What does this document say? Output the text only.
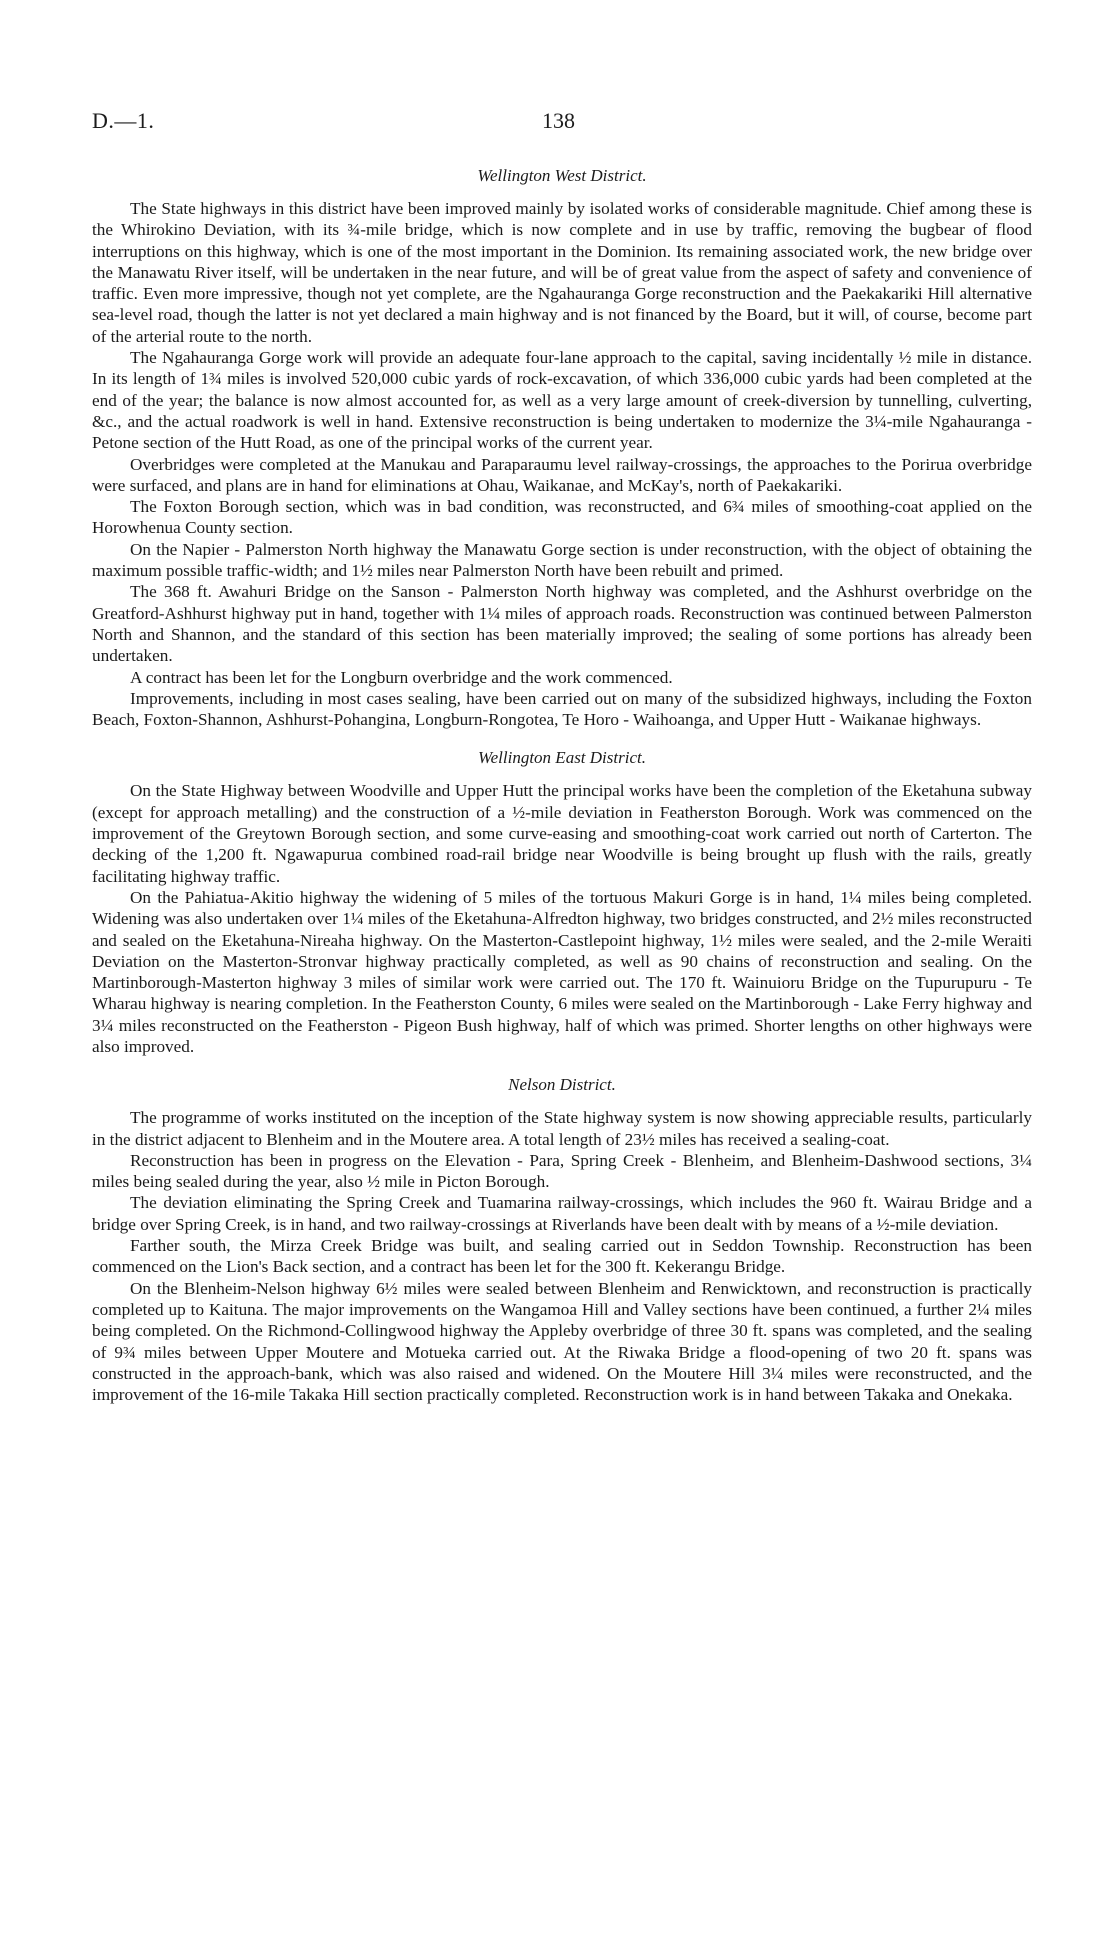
D.—1.	138
Wellington West District.

The State highways in this district have been improved mainly by isolated works of considerable magnitude. Chief among these is the Whirokino Deviation, with its ¾-mile bridge, which is now complete and in use by traffic, removing the bugbear of flood interruptions on this highway, which is one of the most important in the Dominion. Its remaining associated work, the new bridge over the Manawatu River itself, will be undertaken in the near future, and will be of great value from the aspect of safety and convenience of traffic. Even more impressive, though not yet complete, are the Ngahauranga Gorge reconstruction and the Paekakariki Hill alternative sea-level road, though the latter is not yet declared a main highway and is not financed by the Board, but it will, of course, become part of the arterial route to the north.

The Ngahauranga Gorge work will provide an adequate four-lane approach to the capital, saving incidentally ½ mile in distance. In its length of 1¾ miles is involved 520,000 cubic yards of rock-excavation, of which 336,000 cubic yards had been completed at the end of the year; the balance is now almost accounted for, as well as a very large amount of creek-diversion by tunnelling, culverting, &c., and the actual roadwork is well in hand. Extensive reconstruction is being undertaken to modernize the 3¼-mile Ngahauranga - Petone section of the Hutt Road, as one of the principal works of the current year.

Overbridges were completed at the Manukau and Paraparaumu level railway-crossings, the approaches to the Porirua overbridge were surfaced, and plans are in hand for eliminations at Ohau, Waikanae, and McKay's, north of Paekakariki.

The Foxton Borough section, which was in bad condition, was reconstructed, and 6¾ miles of smoothing-coat applied on the Horowhenua County section.

On the Napier - Palmerston North highway the Manawatu Gorge section is under reconstruction, with the object of obtaining the maximum possible traffic-width; and 1½ miles near Palmerston North have been rebuilt and primed.

The 368 ft. Awahuri Bridge on the Sanson - Palmerston North highway was completed, and the Ashhurst overbridge on the Greatford-Ashhurst highway put in hand, together with 1¼ miles of approach roads. Reconstruction was continued between Palmerston North and Shannon, and the standard of this section has been materially improved; the sealing of some portions has already been undertaken.

A contract has been let for the Longburn overbridge and the work commenced.

Improvements, including in most cases sealing, have been carried out on many of the subsidized highways, including the Foxton Beach, Foxton-Shannon, Ashhurst-Pohangina, Longburn-Rongotea, Te Horo - Waihoanga, and Upper Hutt - Waikanae highways.

Wellington East District.

On the State Highway between Woodville and Upper Hutt the principal works have been the completion of the Eketahuna subway (except for approach metalling) and the construction of a ½-mile deviation in Featherston Borough. Work was commenced on the improvement of the Greytown Borough section, and some curve-easing and smoothing-coat work carried out north of Carterton. The decking of the 1,200 ft. Ngawapurua combined road-rail bridge near Woodville is being brought up flush with the rails, greatly facilitating highway traffic.

On the Pahiatua-Akitio highway the widening of 5 miles of the tortuous Makuri Gorge is in hand, 1¼ miles being completed. Widening was also undertaken over 1¼ miles of the Eketahuna-Alfredton highway, two bridges constructed, and 2½ miles reconstructed and sealed on the Eketahuna-Nireaha highway. On the Masterton-Castlepoint highway, 1½ miles were sealed, and the 2-mile Weraiti Deviation on the Masterton-Stronvar highway practically completed, as well as 90 chains of reconstruction and sealing. On the Martinborough-Masterton highway 3 miles of similar work were carried out. The 170 ft. Wainuioru Bridge on the Tupurupuru - Te Wharau highway is nearing completion. In the Featherston County, 6 miles were sealed on the Martinborough - Lake Ferry highway and 3¼ miles reconstructed on the Featherston - Pigeon Bush highway, half of which was primed. Shorter lengths on other highways were also improved.

Nelson District.

The programme of works instituted on the inception of the State highway system is now showing appreciable results, particularly in the district adjacent to Blenheim and in the Moutere area. A total length of 23½ miles has received a sealing-coat.

Reconstruction has been in progress on the Elevation - Para, Spring Creek - Blenheim, and Blenheim-Dashwood sections, 3¼ miles being sealed during the year, also ½ mile in Picton Borough.

The deviation eliminating the Spring Creek and Tuamarina railway-crossings, which includes the 960 ft. Wairau Bridge and a bridge over Spring Creek, is in hand, and two railway-crossings at Riverlands have been dealt with by means of a ½-mile deviation.

Farther south, the Mirza Creek Bridge was built, and sealing carried out in Seddon Township. Reconstruction has been commenced on the Lion's Back section, and a contract has been let for the 300 ft. Kekerangu Bridge.

On the Blenheim-Nelson highway 6½ miles were sealed between Blenheim and Renwicktown, and reconstruction is practically completed up to Kaituna. The major improvements on the Wangamoa Hill and Valley sections have been continued, a further 2¼ miles being completed. On the Richmond-Collingwood highway the Appleby overbridge of three 30 ft. spans was completed, and the sealing of 9¾ miles between Upper Moutere and Motueka carried out. At the Riwaka Bridge a flood-opening of two 20 ft. spans was constructed in the approach-bank, which was also raised and widened. On the Moutere Hill 3¼ miles were reconstructed, and the improvement of the 16-mile Takaka Hill section practically completed. Reconstruction work is in hand between Takaka and Onekaka.
